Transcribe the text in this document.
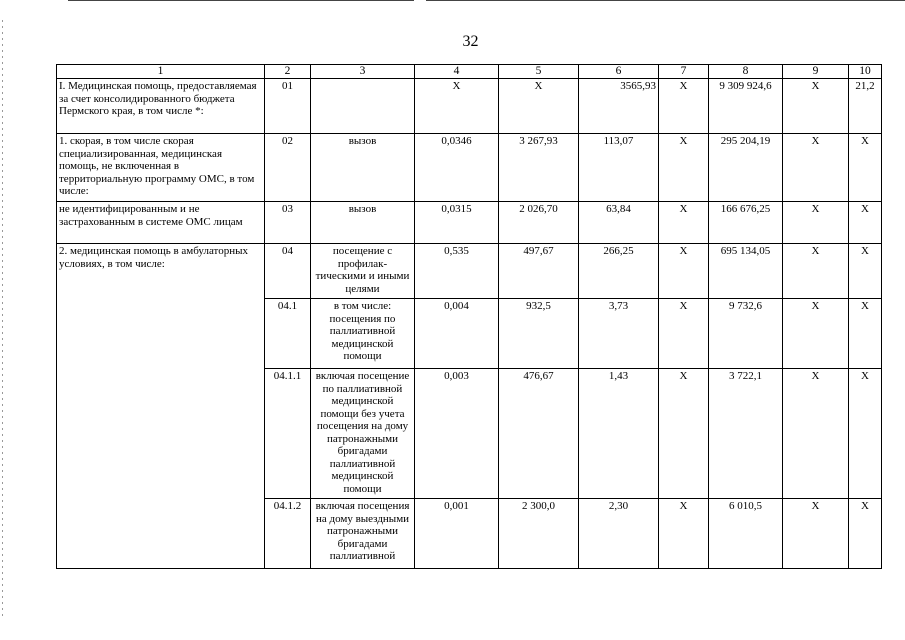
32
1	2	3	4	5	6	7	8	9	10
I. Медицинская помощь, предоставляемая за счет консолидированного бюджета Пермского края, в том числе *:	01		X	X	3565,93	X	9 309 924,6	X	21,2
1. скорая, в том числе скорая специализированная, медицинская помощь, не включенная в территориальную программу ОМС, в том числе:	02	вызов	0,0346	3 267,93	113,07	X	295 204,19	X	X
не идентифицированным и не застрахованным в системе ОМС лицам	03	вызов	0,0315	2 026,70	63,84	X	166 676,25	X	X
2. медицинская помощь в амбулаторных условиях, в том числе:	04	посещение с профилак-тическими и иными целями	0,535	497,67	266,25	X	695 134,05	X	X
	04.1	в том числе: посещения по паллиативной медицинской помощи	0,004	932,5	3,73	X	9 732,6	X	X
	04.1.1	включая посещение по паллиативной медицинской помощи без учета посещения на дому патронажными бригадами паллиативной медицинской помощи	0,003	476,67	1,43	X	3 722,1	X	X
	04.1.2	включая посещения на дому выездными патронажными бригадами паллиативной	0,001	2 300,0	2,30	X	6 010,5	X	X
